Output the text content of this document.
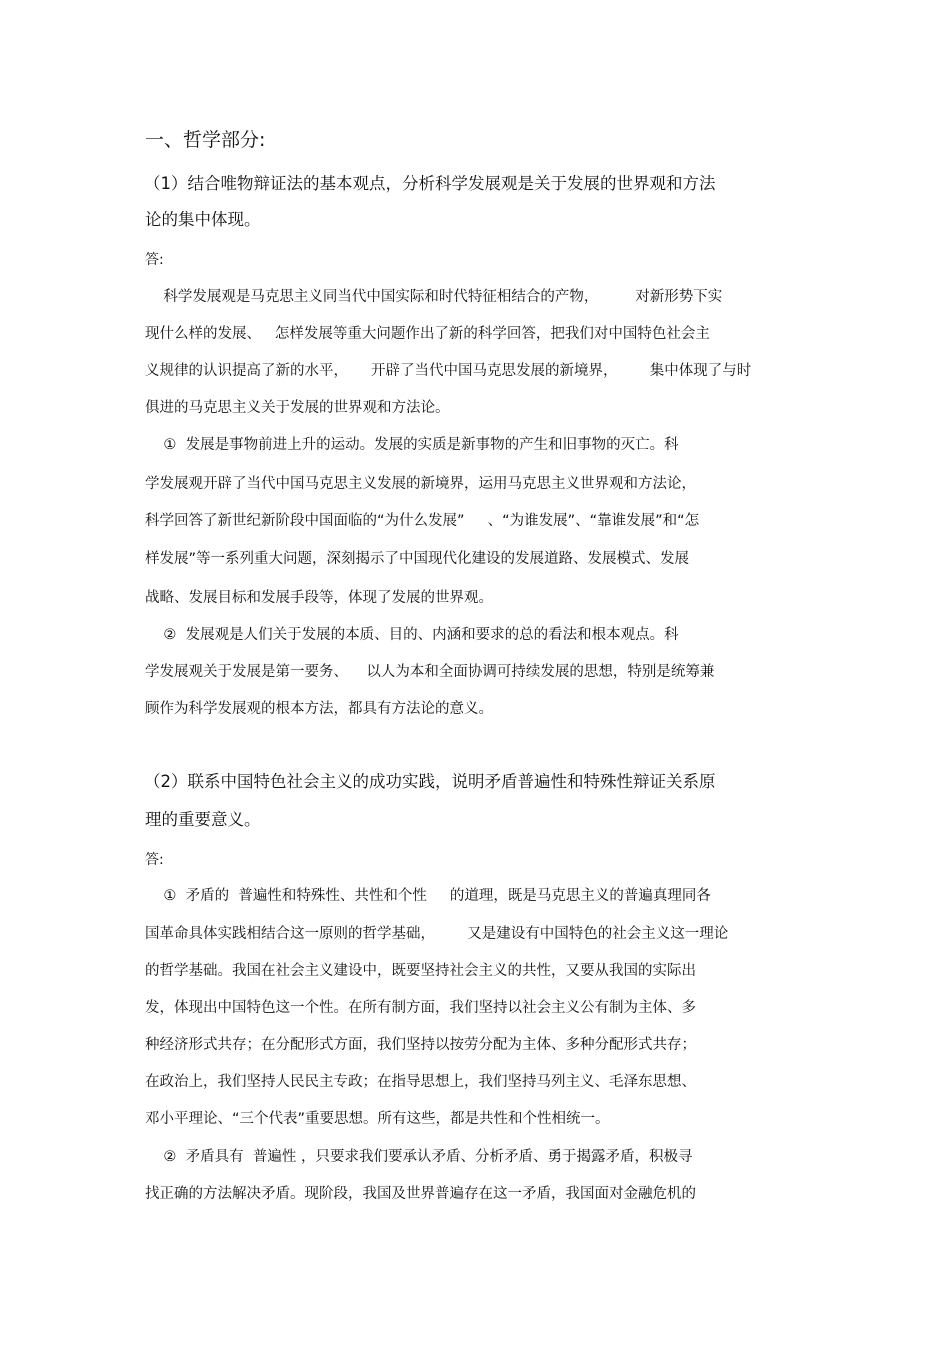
一、哲学部分:
（1）结合唯物辩证法的基本观点，分析科学发展观是关于发展的世界观和方法
论的集中体现。
答:
科学发展观是马克思主义同当代中国实际和时代特征相结合的产物，        对新形势下实
现什么样的发展、   怎样发展等重大问题作出了新的科学回答，把我们对中国特色社会主
义规律的认识提高了新的水平，     开辟了当代中国马克思发展的新境界，       集中体现了与时
俱进的马克思主义关于发展的世界观和方法论。
①  发展是事物前进上升的运动。发展的实质是新事物的产生和旧事物的灭亡。科
学发展观开辟了当代中国马克思主义发展的新境界，运用马克思主义世界观和方法论，
科学回答了新世纪新阶段中国面临的“为什么发展”     、“为谁发展”、“靠谁发展”和“怎
样发展”等一系列重大问题，深刻揭示了中国现代化建设的发展道路、发展模式、发展
战略、发展目标和发展手段等，体现了发展的世界观。
②  发展观是人们关于发展的本质、目的、内涵和要求的总的看法和根本观点。科
学发展观关于发展是第一要务、    以人为本和全面协调可持续发展的思想，特别是统筹兼
顾作为科学发展观的根本方法，都具有方法论的意义。
（2）联系中国特色社会主义的成功实践，说明矛盾普遍性和特殊性辩证关系原
理的重要意义。
答:
①  矛盾的  普遍性和特殊性、共性和个性     的道理，既是马克思主义的普遍真理同各
国革命具体实践相结合这一原则的哲学基础，       又是建设有中国特色的社会主义这一理论
的哲学基础。我国在社会主义建设中，既要坚持社会主义的共性，又要从我国的实际出
发，体现出中国特色这一个性。在所有制方面，我们坚持以社会主义公有制为主体、多
种经济形式共存；在分配形式方面，我们坚持以按劳分配为主体、多种分配形式共存；
在政治上，我们坚持人民民主专政；在指导思想上，我们坚持马列主义、毛泽东思想、
邓小平理论、“三个代表”重要思想。所有这些，都是共性和个性相统一。
②  矛盾具有  普遍性 ，只要求我们要承认矛盾、分析矛盾、勇于揭露矛盾，积极寻
找正确的方法解决矛盾。现阶段，我国及世界普遍存在这一矛盾，我国面对金融危机的
